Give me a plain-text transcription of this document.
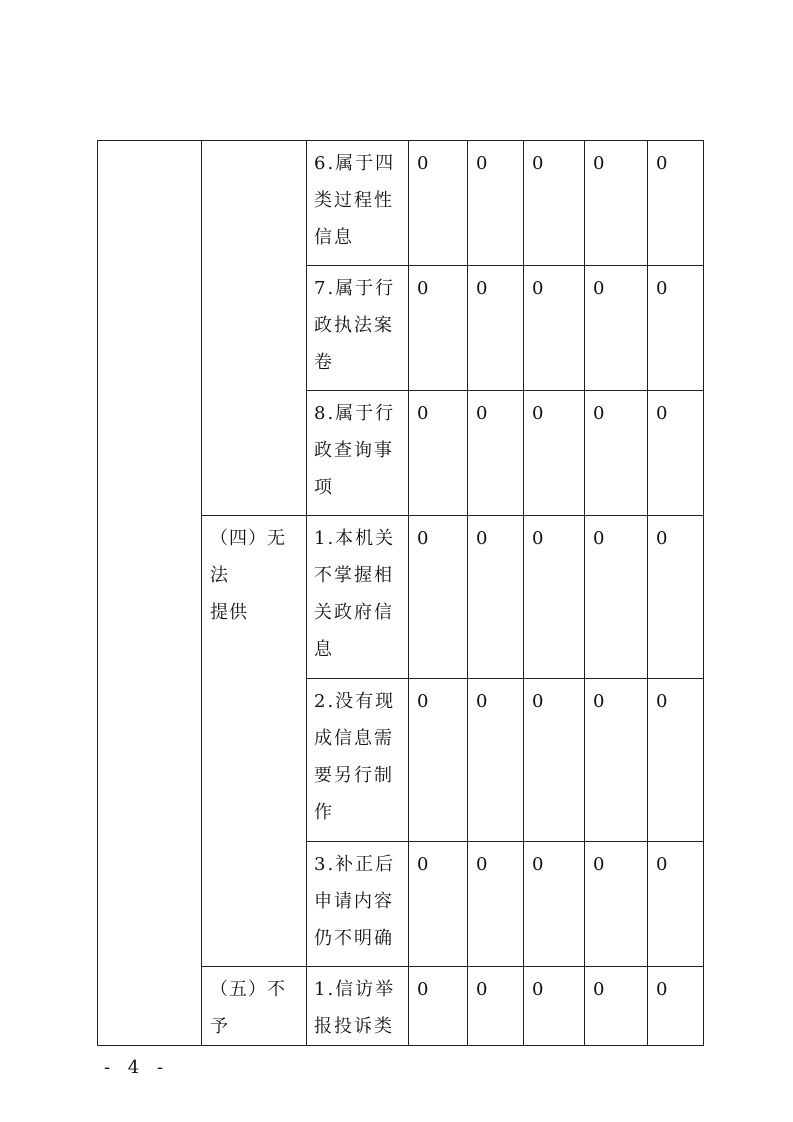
		6.属于四
类过程性
信息	0	0	0	0	0

		7.属于行
政执法案
卷	0	0	0	0	0

		8.属于行
政查询事
项	0	0	0	0	0

	（四）无法
提供	1.本机关
不掌握相
关政府信
息	0	0	0	0	0

		2.没有现
成信息需
要另行制
作	0	0	0	0	0

		3.补正后
申请内容
仍不明确	0	0	0	0	0

	（五）不予	1.信访举
报投诉类	0	0	0	0	0
- 4 -
